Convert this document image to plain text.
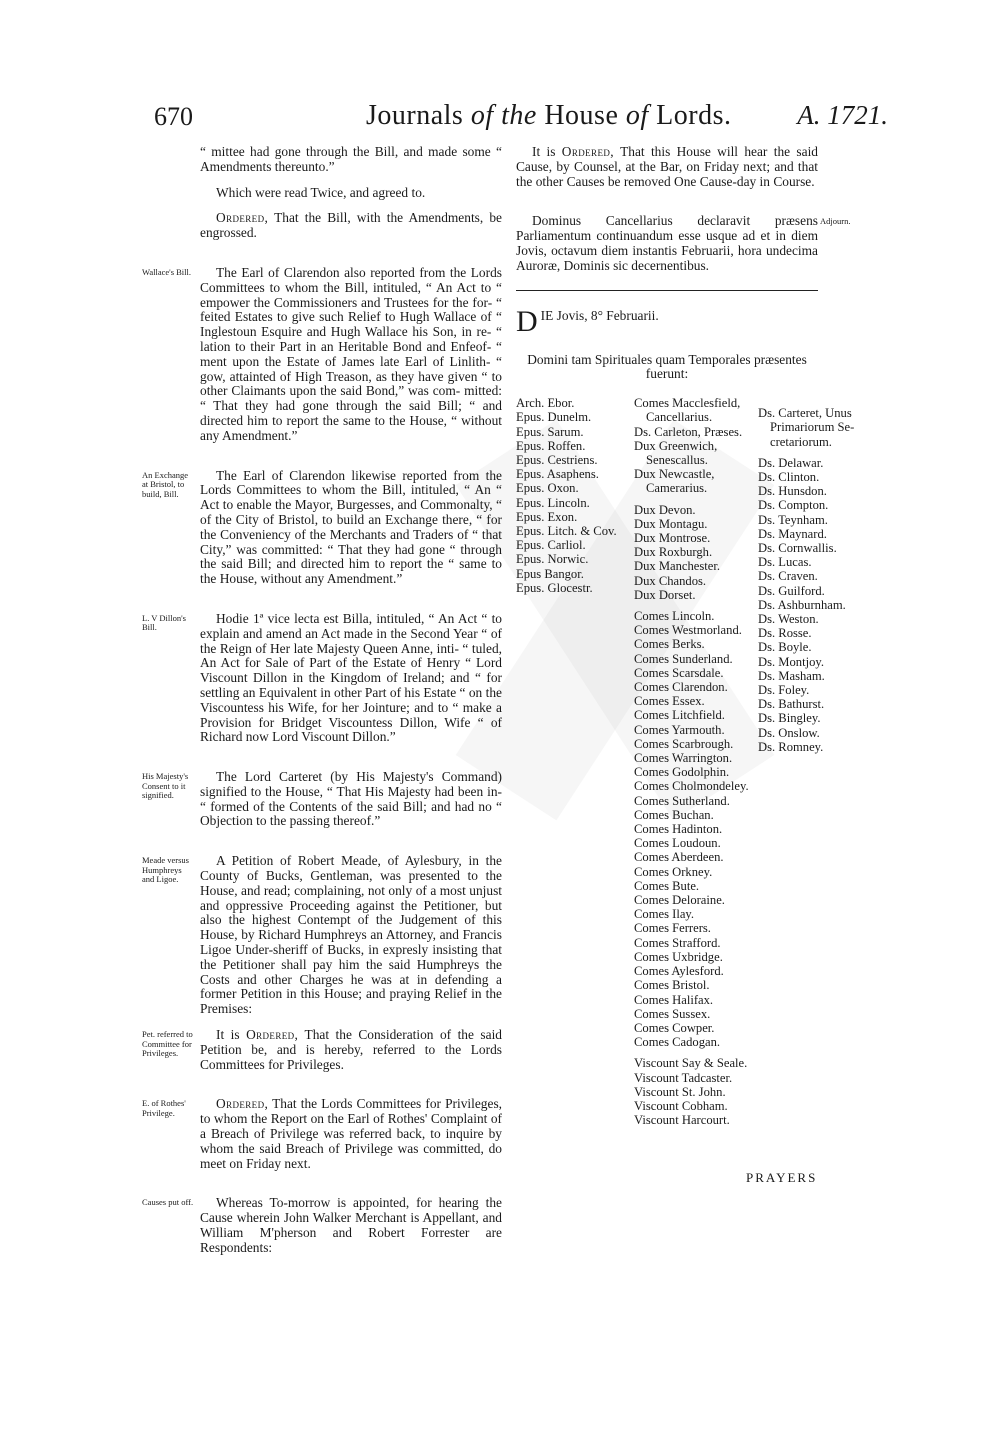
670	Journals of the House of Lords. A. 1721.

“ mittee had gone through the Bill, and made some “ Amendments thereunto.”

Which were read Twice, and agreed to.

Ordered, That the Bill, with the Amendments, be engrossed.

Wallace's Bill.	The Earl of Clarendon also reported from the Lords Committees to whom the Bill, intituled, “ An Act to “ empower the Commissioners and Trustees for the for- “ feited Estates to give such Relief to Hugh Wallace of “ Inglestoun Esquire and Hugh Wallace his Son, in re- “ lation to their Part in an Heritable Bond and Enfeof- “ ment upon the Estate of James late Earl of Linlith- “ gow, attainted of High Treason, as they have given “ to other Claimants upon the said Bond,” was com- mitted: “ That they had gone through the said Bill; “ and directed him to report the same to the House, “ without any Amendment.”

An Exchange at Bristol, to build, Bill.

The Earl of Clarendon likewise reported from the Lords Committees to whom the Bill, intituled, “ An “ Act to enable the Mayor, Burgesses, and Commonalty, “ of the City of Bristol, to build an Exchange there, “ for the Conveniency of the Merchants and Traders of “ that City,” was committed: “ That they had gone “ through the said Bill; and directed him to report the “ same to the House, without any Amendment.”

L. V Dillon's Bill.

Hodie 1ª vice lecta est Billa, intituled, “ An Act “ to explain and amend an Act made in the Second Year “ of the Reign of Her late Majesty Queen Anne, inti- “ tuled, An Act for Sale of Part of the Estate of Henry “ Lord Viscount Dillon in the Kingdom of Ireland; and “ for settling an Equivalent in other Part of his Estate “ on the Viscountess his Wife, for her Jointure; and to “ make a Provision for Bridget Viscountess Dillon, Wife “ of Richard now Lord Viscount Dillon.”

His Majesty's Consent to it signified.

The Lord Carteret (by His Majesty's Command) signified to the House, “ That His Majesty had been in- “ formed of the Contents of the said Bill; and had no “ Objection to the passing thereof.”

Meade versus Humphreys and Ligoe.

A Petition of Robert Meade, of Aylesbury, in the County of Bucks, Gentleman, was presented to the House, and read; complaining, not only of a most unjust and oppressive Proceeding against the Petitioner, but also the highest Contempt of the Judgement of this House, by Richard Humphreys an Attorney, and Francis Ligoe Under-sheriff of Bucks, in expresly insisting that the Petitioner shall pay him the said Humphreys the Costs and other Charges he was at in defending a former Petition in this House; and praying Relief in the Premises:

Pet. referred to Committee for Privileges.

It is Ordered, That the Consideration of the said Petition be, and is hereby, referred to the Lords Committees for Privileges.

E. of Rothes' Privilege.

Ordered, That the Lords Committees for Privileges, to whom the Report on the Earl of Rothes' Complaint of a Breach of Privilege was referred back, to inquire by whom the said Breach of Privilege was committed, do meet on Friday next.

Causes put off.	Whereas To-morrow is appointed, for hearing the Cause wherein John Walker Merchant is Appellant, and William M'pherson and Robert Forrester are Respondents:

It is Ordered, That this House will hear the said Cause, by Counsel, at the Bar, on Friday next; and that the other Causes be removed One Cause-day in Course.

Adjourn.

Dominus Cancellarius declaravit præsens Parliamentum continuandum esse usque ad et in diem Jovis, octavum diem instantis Februarii, hora undecima Auroræ, Dominis sic decernentibus.

D IE Jovis, 8° Februarii.
Domini tam Spirituales quam Temporales præsentes fuerunt:
Arch. Ebor.
Epus. Dunelm.
Epus. Sarum.
Epus. Roffen.
Epus. Cestriens.
Epus. Asaphens.
Epus. Oxon.
Epus. Lincoln.
Epus. Exon.
Epus. Litch. & Cov.
Epus. Carliol.
Epus. Norwic.
Epus Bangor.
Epus. Glocestr.
Comes Macclesfield,
Cancellarius.
Ds. Carleton, Præses.
Dux Greenwich,
Senescallus.
Dux Newcastle,
Camerarius.
Dux Devon.
Dux Montagu.
Dux Montrose.
Dux Roxburgh.
Dux Manchester.
Dux Chandos.
Dux Dorset.
Comes Lincoln.
Comes Westmorland.
Comes Berks.
Comes Sunderland.
Comes Scarsdale.
Comes Clarendon.
Comes Essex.
Comes Litchfield.
Comes Yarmouth.
Comes Scarbrough.
Comes Warrington.
Comes Godolphin.
Comes Cholmondeley.
Comes Sutherland.
Comes Buchan.
Comes Hadinton.
Comes Loudoun.
Comes Aberdeen.
Comes Orkney.
Comes Bute.
Comes Deloraine.
Comes Ilay.
Comes Ferrers.
Comes Strafford.
Comes Uxbridge.
Comes Aylesford.
Comes Bristol.
Comes Halifax.
Comes Sussex.
Comes Cowper.
Comes Cadogan.
Viscount Say & Seale.
Viscount Tadcaster.
Viscount St. John.
Viscount Cobham.
Viscount Harcourt.
Ds. Carteret, Unus
Primariorum Se-
cretariorum.
Ds. Delawar.
Ds. Clinton.
Ds. Hunsdon.
Ds. Compton.
Ds. Teynham.
Ds. Maynard.
Ds. Cornwallis.
Ds. Lucas.
Ds. Craven.
Ds. Guilford.
Ds. Ashburnham.
Ds. Weston.
Ds. Rosse.
Ds. Boyle.
Ds. Montjoy.
Ds. Masham.
Ds. Foley.
Ds. Bathurst.
Ds. Bingley.
Ds. Onslow.
Ds. Romney.
PRAYERS
